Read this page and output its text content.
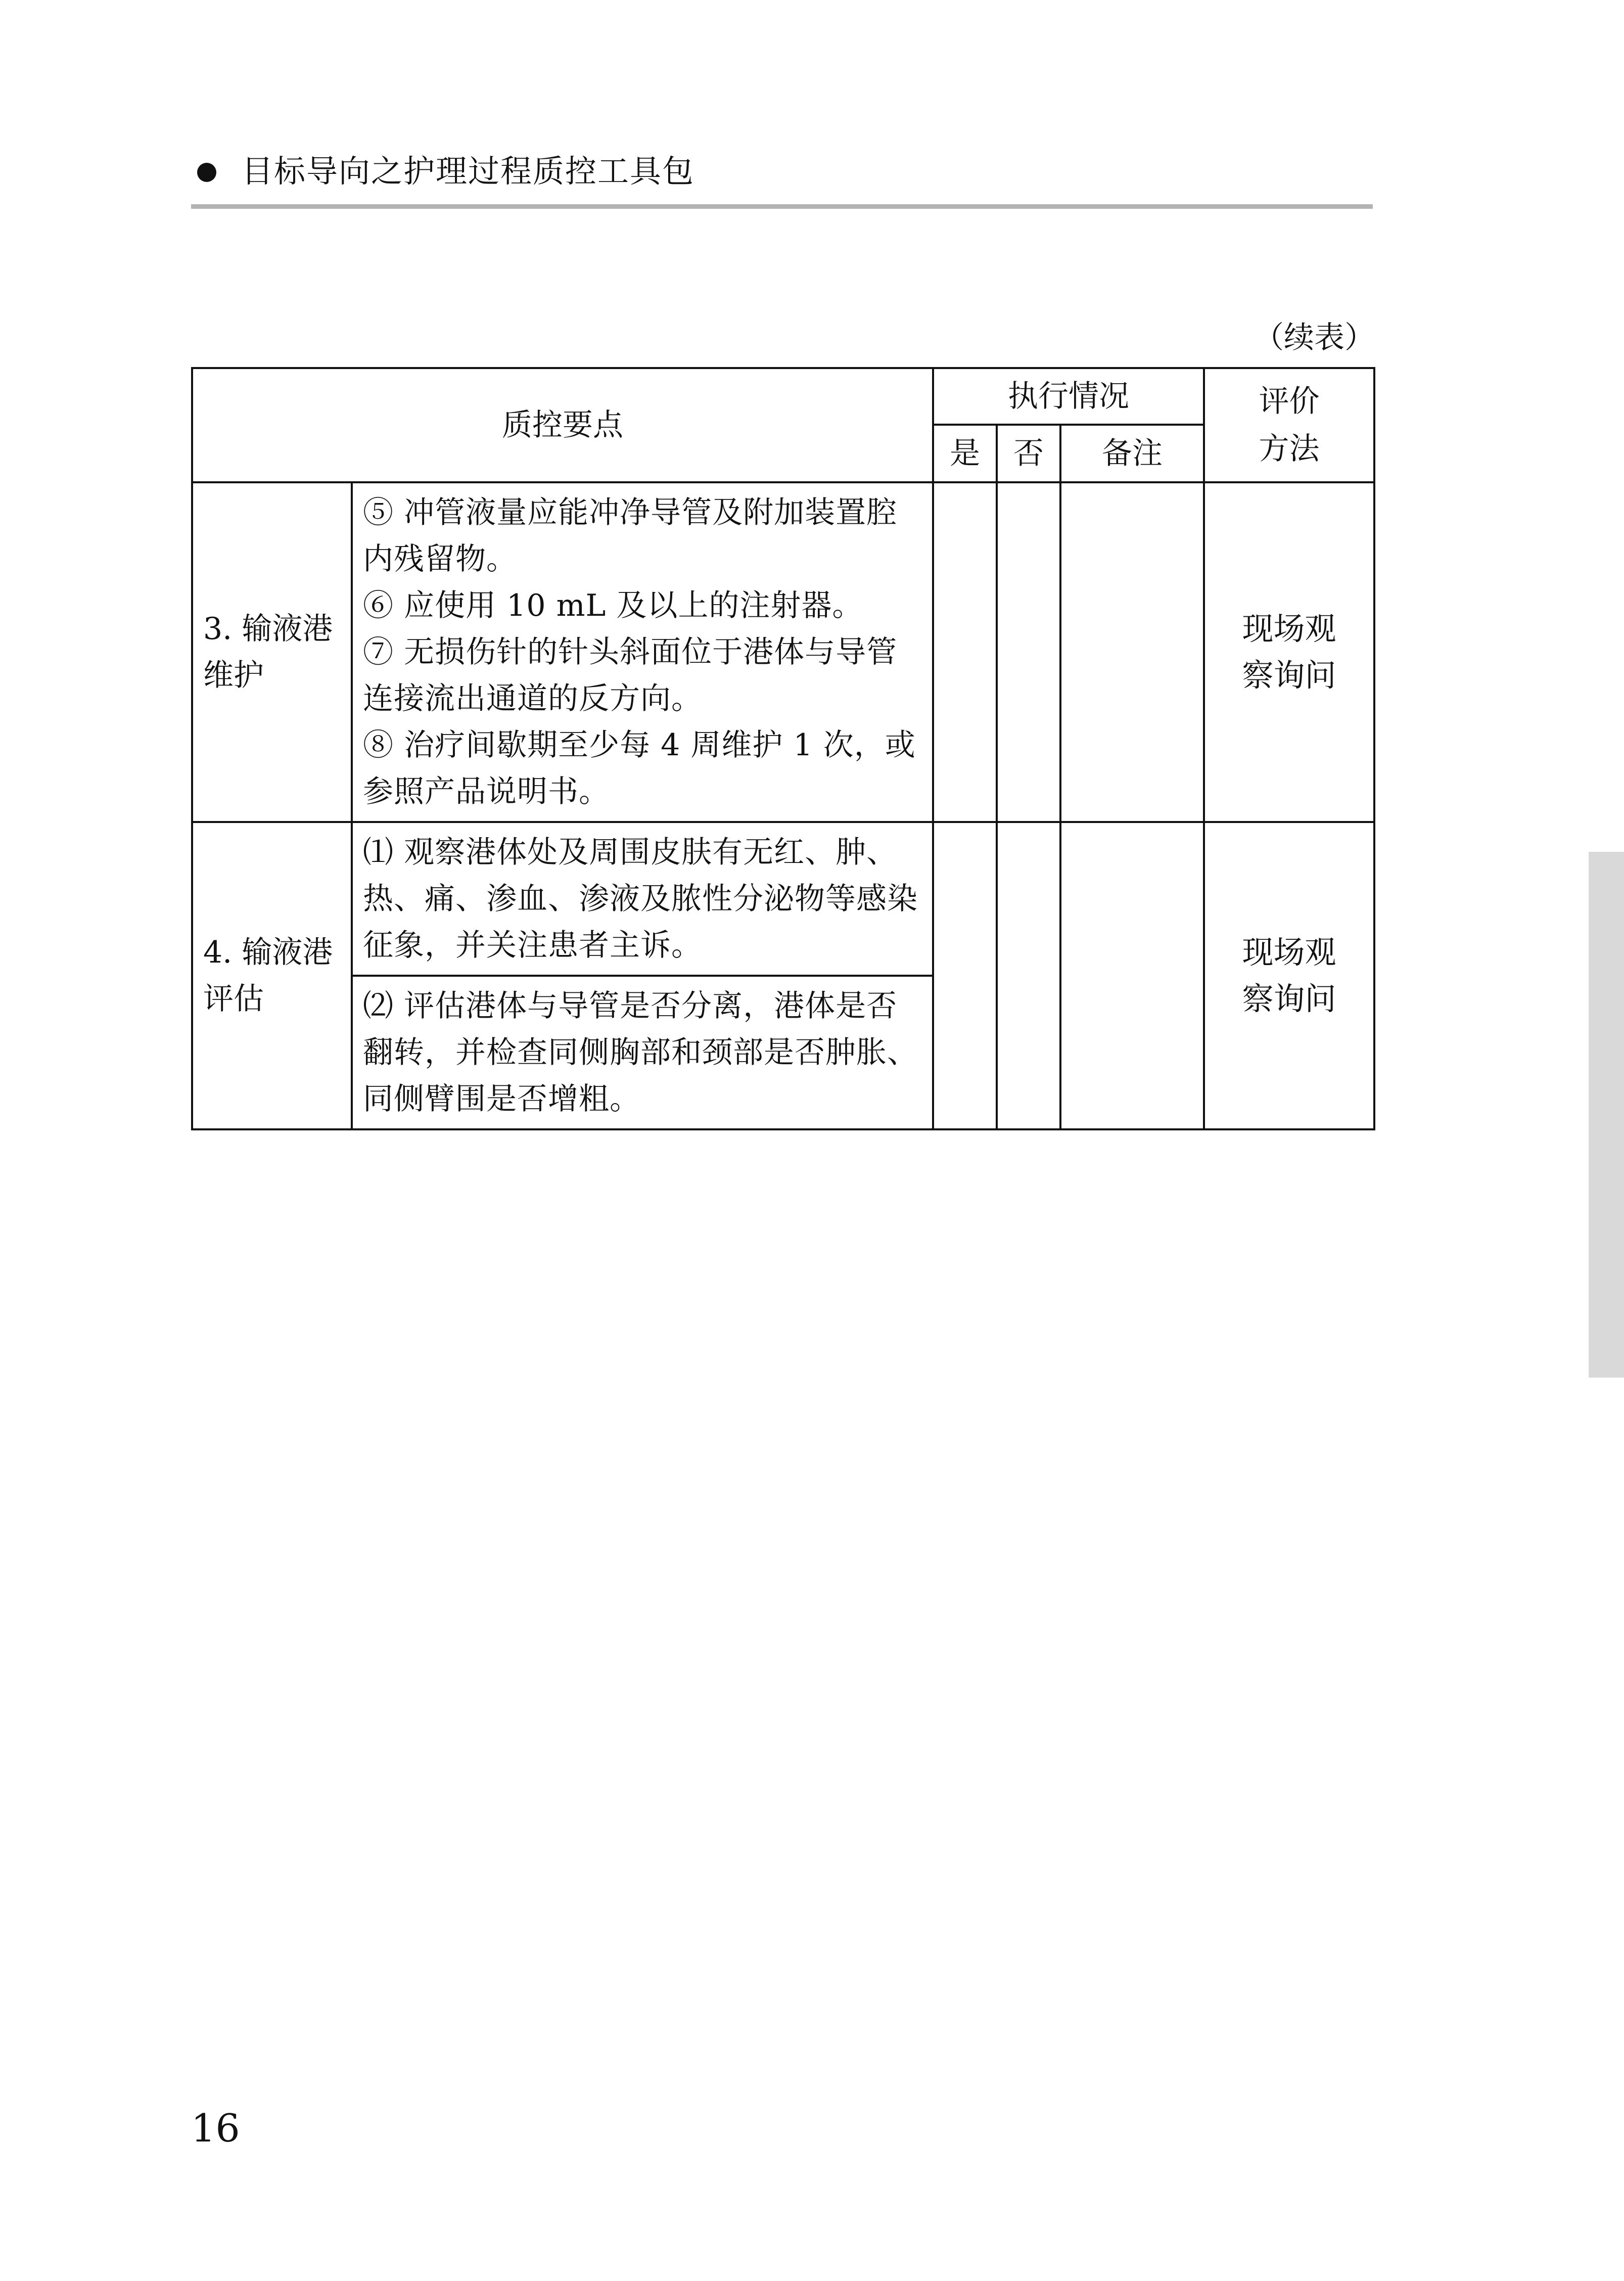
目标导向之护理过程质控工具包
（续表）
质控要点		执行情况			评价方法
		是	否	备注	
3. 输液港维护	⑤ 冲管液量应能冲净导管及附加装置腔内残留物。
⑥ 应使用 10 mL 及以上的注射器。
⑦ 无损伤针的针头斜面位于港体与导管连接流出通道的反方向。
⑧ 治疗间歇期至少每 4 周维护 1 次，或参照产品说明书。				现场观察询问
4. 输液港评估	⑴ 观察港体处及周围皮肤有无红、肿、热、痛、渗血、渗液及脓性分泌物等感染征象，并关注患者主诉。				现场观察询问

	⑵ 评估港体与导管是否分离，港体是否翻转，并检查同侧胸部和颈部是否肿胀、同侧臂围是否增粗。				
16
